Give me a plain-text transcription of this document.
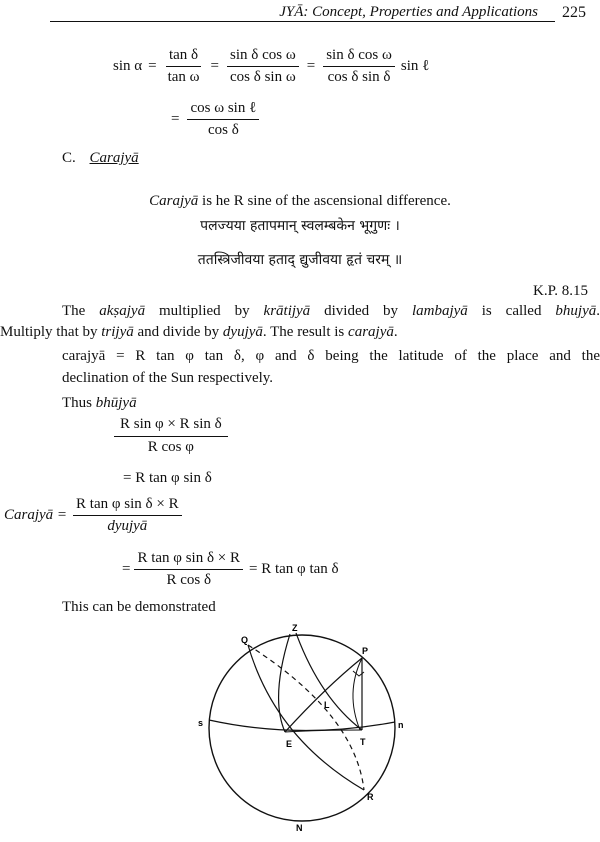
JYĀ: Concept, Properties and Applications 225
$\sin \alpha = \frac{\text{tan δ}}{\text{tan ω}} = \frac{\text{sin δ cos ω}}{\text{cos δ sin ω}} = \frac{\text{sin δ cos ω}}{\text{cos δ sin δ}}$ sin ℓ
= $\frac{\text{cos ω sin ℓ}}{\text{cos δ}}$
C. Carajyā
Carajyā is he R sine of the ascensional difference.
पलज्यया हतापमान् स्वलम्बकेन भूगुणः ।
ततस्त्रिजीवया हताद् द्युजीवया हृतं चरम् ॥
K.P. 8.15

The akṣajyā multiplied by krātijyā divided by lambajyā is called bhujyā.

Multiply that by trijyā and divide by dyujyā. The result is carajyā.

carajyā = R tan φ tan δ, φ and δ being the latitude of the place and the

declination of the Sun respectively.

Thus bhūjyā

$\frac{\text{R sin φ × R sin δ}}{\text{R cos φ}}$
= R tan φ sin δ
Carajyā = $\frac{\text{R tan φ sin δ × R}}{\text{dyujyā}}$
= $\frac{\text{R tan φ sin δ × R}}{\text{R cos δ}} = R$ tan φ tan δ
This can be demonstrated
Q
Z
P
L
s	n
E	T
R
N
